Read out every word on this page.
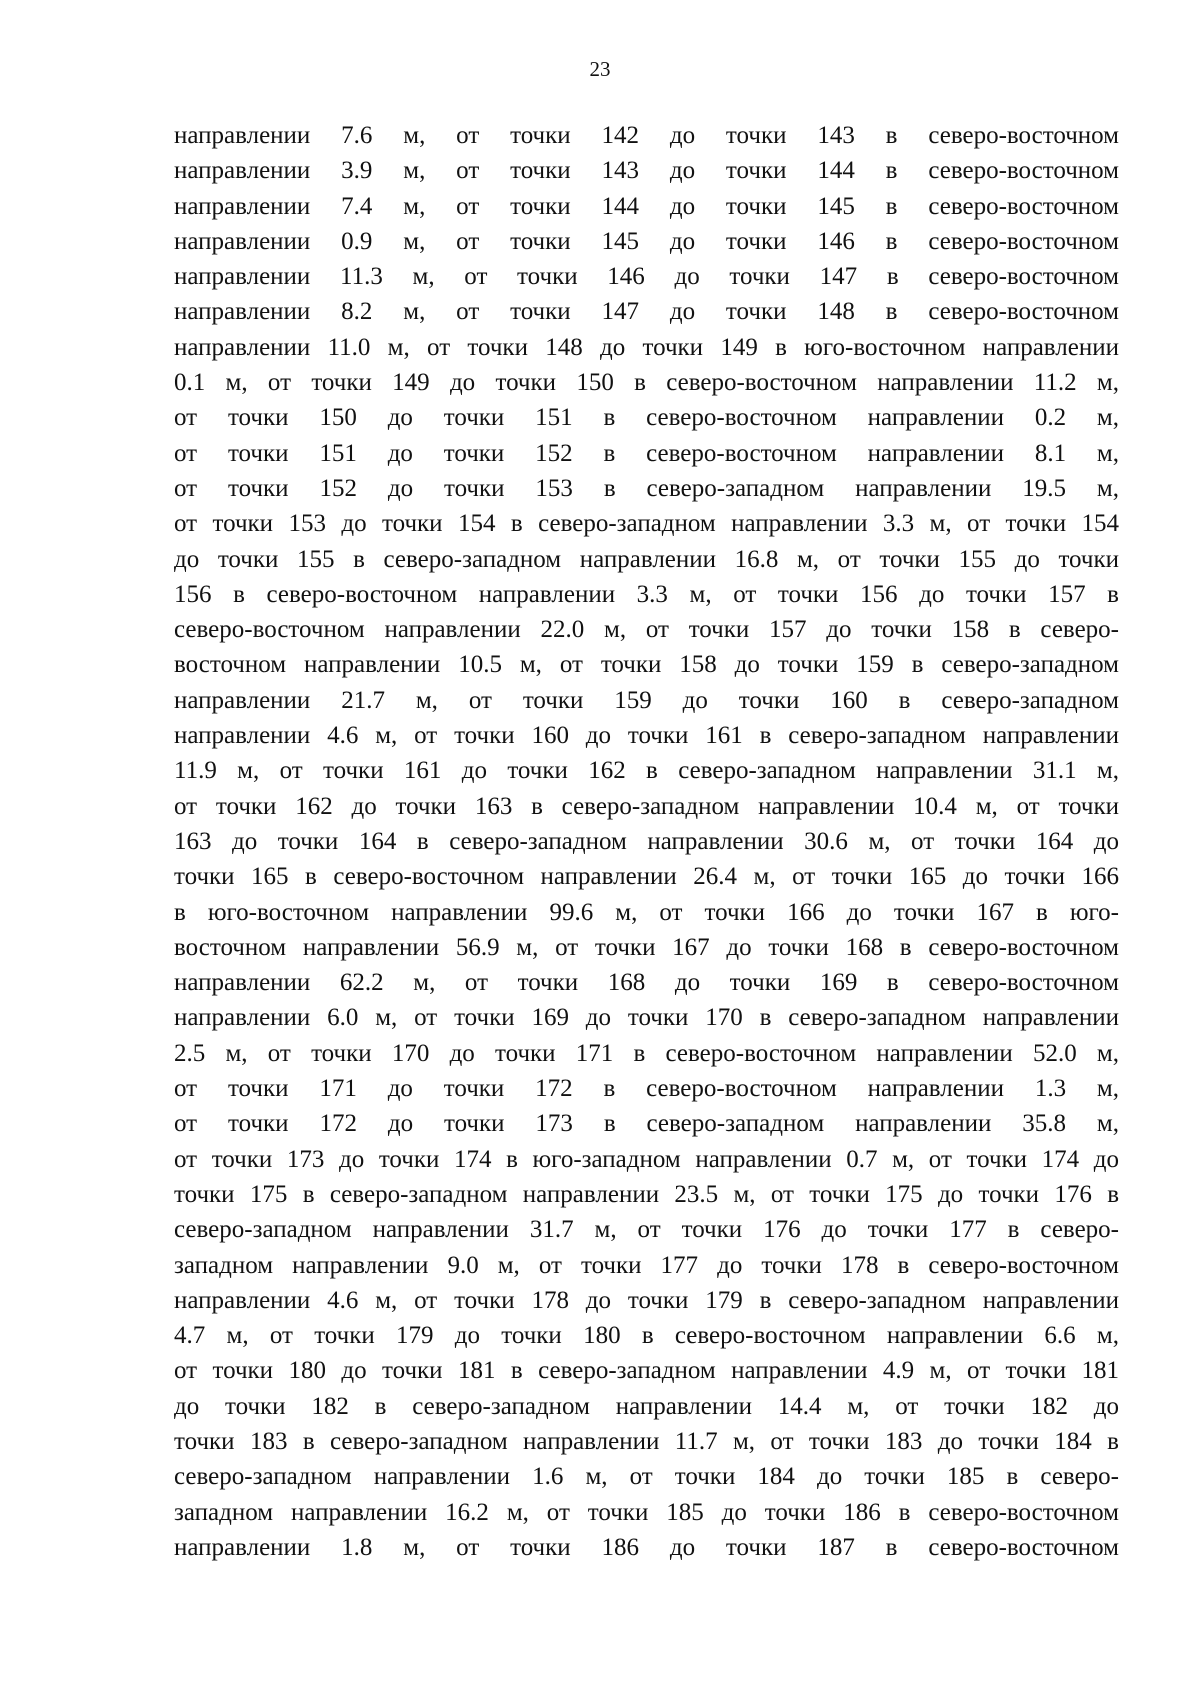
23
направлении 7.6 м, от точки 142 до точки 143 в северо-восточном
направлении 3.9 м, от точки 143 до точки 144 в северо-восточном
направлении 7.4 м, от точки 144 до точки 145 в северо-восточном
направлении 0.9 м, от точки 145 до точки 146 в северо-восточном
направлении 11.3 м, от точки 146 до точки 147 в северо-восточном
направлении 8.2 м, от точки 147 до точки 148 в северо-восточном
направлении 11.0 м, от точки 148 до точки 149 в юго-восточном направлении
0.1 м, от точки 149 до точки 150 в северо-восточном направлении 11.2 м,
от точки 150 до точки 151 в северо-восточном направлении 0.2 м,
от точки 151 до точки 152 в северо-восточном направлении 8.1 м,
от точки 152 до точки 153 в северо-западном направлении 19.5 м,
от точки 153 до точки 154 в северо-западном направлении 3.3 м, от точки 154
до точки 155 в северо-западном направлении 16.8 м, от точки 155 до точки
156 в северо-восточном направлении 3.3 м, от точки 156 до точки 157 в
северо-восточном направлении 22.0 м, от точки 157 до точки 158 в северо-
восточном направлении 10.5 м, от точки 158 до точки 159 в северо-западном
направлении 21.7 м, от точки 159 до точки 160 в северо-западном
направлении 4.6 м, от точки 160 до точки 161 в северо-западном направлении
11.9 м, от точки 161 до точки 162 в северо-западном направлении 31.1 м,
от точки 162 до точки 163 в северо-западном направлении 10.4 м, от точки
163 до точки 164 в северо-западном направлении 30.6 м, от точки 164 до
точки 165 в северо-восточном направлении 26.4 м, от точки 165 до точки 166
в юго-восточном направлении 99.6 м, от точки 166 до точки 167 в юго-
восточном направлении 56.9 м, от точки 167 до точки 168 в северо-восточном
направлении 62.2 м, от точки 168 до точки 169 в северо-восточном
направлении 6.0 м, от точки 169 до точки 170 в северо-западном направлении
2.5 м, от точки 170 до точки 171 в северо-восточном направлении 52.0 м,
от точки 171 до точки 172 в северо-восточном направлении 1.3 м,
от точки 172 до точки 173 в северо-западном направлении 35.8 м,
от точки 173 до точки 174 в юго-западном направлении 0.7 м, от точки 174 до
точки 175 в северо-западном направлении 23.5 м, от точки 175 до точки 176 в
северо-западном направлении 31.7 м, от точки 176 до точки 177 в северо-
западном направлении 9.0 м, от точки 177 до точки 178 в северо-восточном
направлении 4.6 м, от точки 178 до точки 179 в северо-западном направлении
4.7 м, от точки 179 до точки 180 в северо-восточном направлении 6.6 м,
от точки 180 до точки 181 в северо-западном направлении 4.9 м, от точки 181
до точки 182 в северо-западном направлении 14.4 м, от точки 182 до
точки 183 в северо-западном направлении 11.7 м, от точки 183 до точки 184 в
северо-западном направлении 1.6 м, от точки 184 до точки 185 в северо-
западном направлении 16.2 м, от точки 185 до точки 186 в северо-восточном
направлении 1.8 м, от точки 186 до точки 187 в северо-восточном
